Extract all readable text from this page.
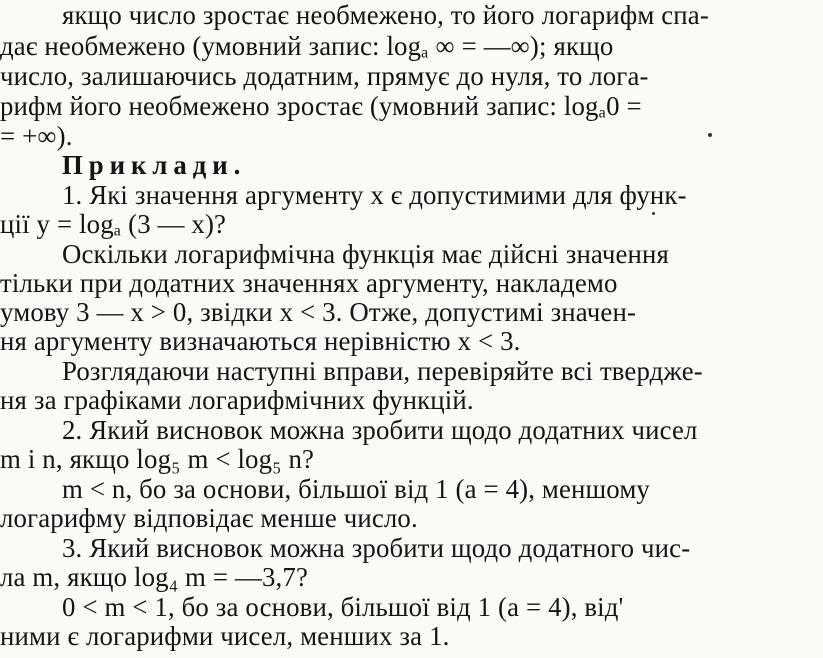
якщо число зростає необмежено, то його логарифм спа-
дає необмежено (умовний запис: logₐ ∞ = —∞); якщо
число, залишаючись додатним, прямує до нуля, то лога-
рифм його необмежено зростає (умовний запис: logₐ0 =
= +∞).
Приклади.
1. Які значення аргументу x є допустимими для функ-
ції y = logₐ (3 — x)?
Оскільки логарифмічна функція має дійсні значення
тільки при додатних значеннях аргументу, накладемо
умову 3 — x > 0, звідки x < 3. Отже, допустимі значен-
ня аргументу визначаються нерівністю x < 3.
Розглядаючи наступні вправи, перевіряйте всі твердже-
ня за графіками логарифмічних функцій.
2. Який висновок можна зробити щодо додатних чисел
m і n, якщо log₅ m < log₅ n?
m < n, бо за основи, більшої від 1 (a = 4), меншому
логарифму відповідає менше число.
3. Який висновок можна зробити щодо додатного чис-
ла m, якщо log₄ m = —3,7?
0 < m < 1, бо за основи, більшої від 1 (a = 4), від'
ними є логарифми чисел, менших за 1.
